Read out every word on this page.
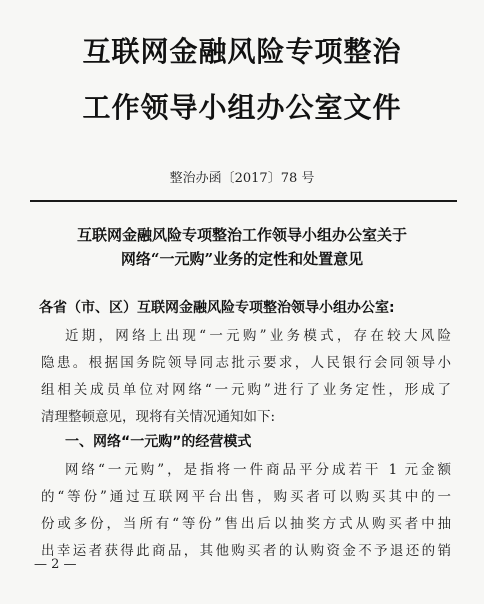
互联网金融风险专项整治
工作领导小组办公室文件
整治办函〔2017〕78 号
互联网金融风险专项整治工作领导小组办公室关于
网络“一元购”业务的定性和处置意见
各省（市、区）互联网金融风险专项整治领导小组办公室:
近期，网络上出现“一元购”业务模式，存在较大风险
隐患。根据国务院领导同志批示要求，人民银行会同领导小
组相关成员单位对网络“一元购”进行了业务定性，形成了
清理整顿意见，现将有关情况通知如下:
一、网络“一元购”的经营模式
网络“一元购”，是指将一件商品平分成若干 1 元金额
的“等份”通过互联网平台出售，购买者可以购买其中的一
份或多份，当所有“等份”售出后以抽奖方式从购买者中抽
出幸运者获得此商品，其他购买者的认购资金不予退还的销
— 2 —
